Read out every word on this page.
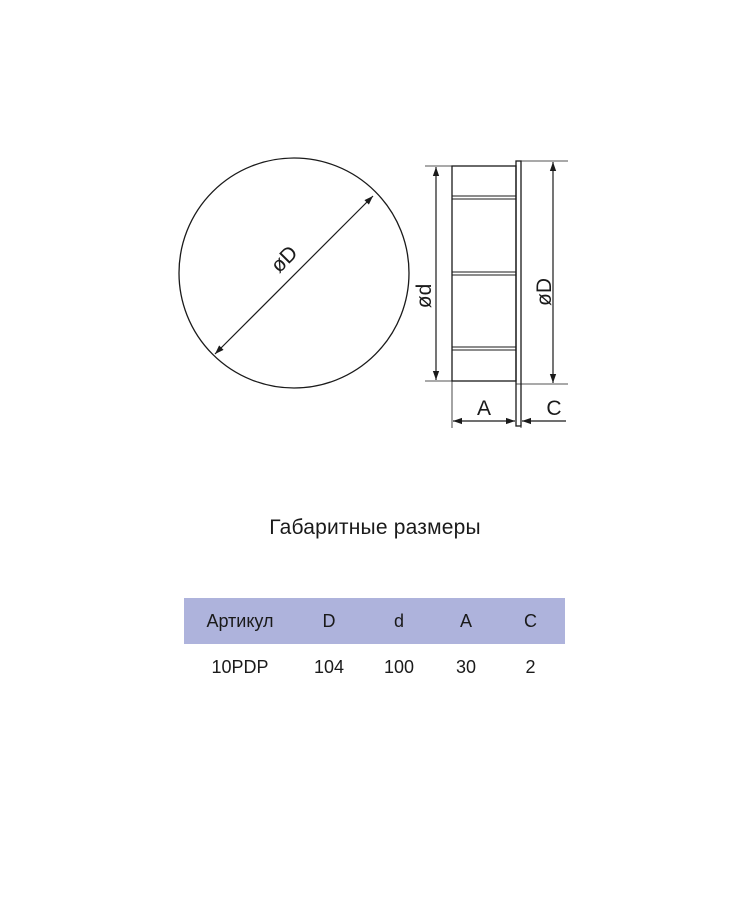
øD
ød	øD
A	C
Габаритные размеры
Артикул	D	d	A	C
10PDP	104	100	30	2
